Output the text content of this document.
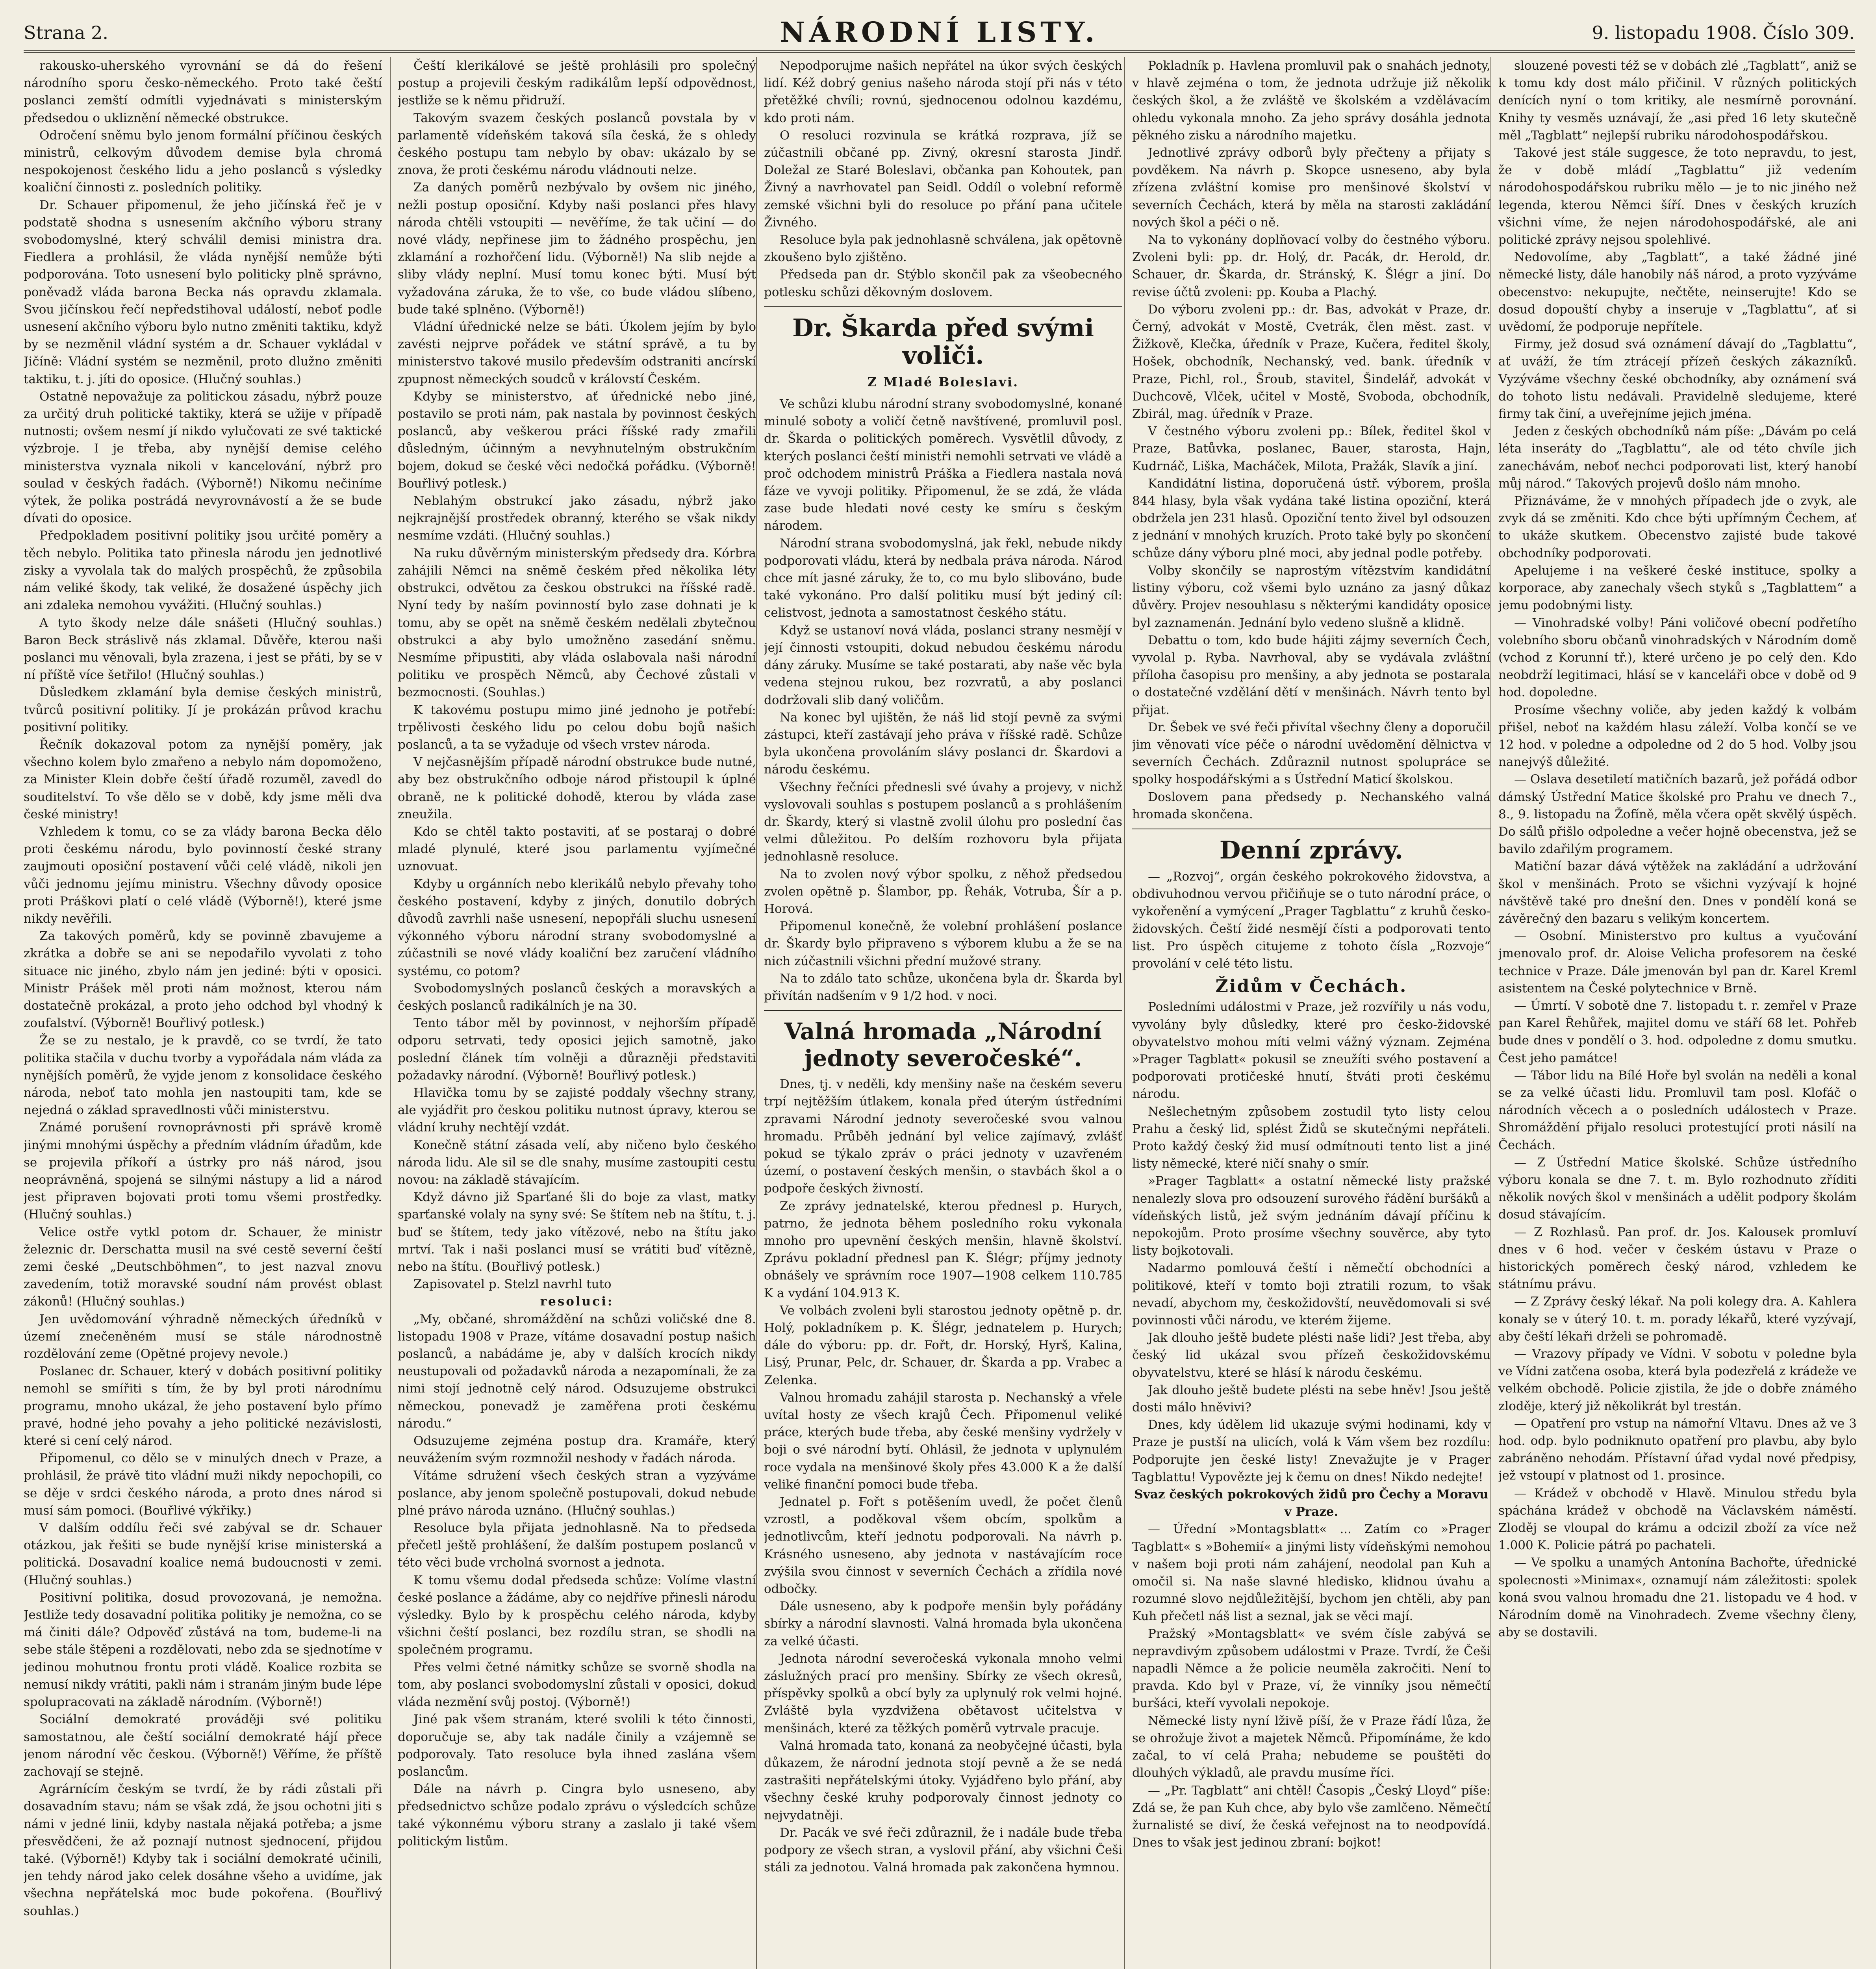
Strana 2.	NÁRODNÍ LISTY.	9. listopadu 1908. Číslo 309.

rakousko-uherského vyrovnání se dá do řešení národního sporu česko-německého. Proto také čeští poslanci zemští odmítli vyjednávati s ministerským předsedou o ukliznění německé obstrukce.

Odročení sněmu bylo jenom formální příčinou českých ministrů, celkovým důvodem demise byla chromá nespokojenost českého lidu a jeho poslanců s výsledky koaliční činnosti z. posledních politiky.

Dr. Schauer připomenul, že jeho jičínská řeč je v podstatě shodna s usnesením akčního výboru strany svobodomyslné, který schválil demisi ministra dra. Fiedlera a prohlásil, že vláda nynější nemůže býti podporována. Toto usnesení bylo politicky plně správno, poněvadž vláda barona Becka nás opravdu zklamala. Svou jičínskou řečí nepředstihoval událostí, neboť podle usnesení akčního výboru bylo nutno změniti taktiku, když by se nezměnil vládní systém a dr. Schauer vykládal v Jičíně: Vládní systém se nezměnil, proto dlužno změniti taktiku, t. j. jíti do oposice. (Hlučný souhlas.)

Ostatně nepovažuje za politickou zásadu, nýbrž pouze za určitý druh politické taktiky, která se užije v případě nutnosti; ovšem nesmí jí nikdo vylučovati ze své taktické výzbroje. I je třeba, aby nynější demise celého ministerstva vyznala nikoli v kancelování, nýbrž pro soulad v českých řadách. (Výborně!) Nikomu nečiníme výtek, že polika postrádá nevyrovnávostí a že se bude dívati do oposice.

Předpokladem positivní politiky jsou určité poměry a těch nebylo. Politika tato přinesla národu jen jednotlivé zisky a vyvolala tak do malých prospěchů, že způsobila nám veliké škody, tak veliké, že dosažené úspěchy jich ani zdaleka nemohou vyvážiti. (Hlučný souhlas.)

A tyto škody nelze dále snášeti (Hlučný souhlas.) Baron Beck stráslivě nás zklamal. Důvěře, kterou naši poslanci mu věnovali, byla zrazena, i jest se přáti, by se v ní příště více šetřilo! (Hlučný souhlas.)

Důsledkem zklamání byla demise českých ministrů, tvůrců positivní politiky. Jí je prokázán průvod krachu positivní politiky.

Řečník dokazoval potom za nynější poměry, jak všechno kolem bylo zmařeno a nebylo nám dopomoženo, za Minister Klein dobře čeští úřadě rozuměl, zavedl do souditelství. To vše dělo se v době, kdy jsme měli dva české ministry!

Vzhledem k tomu, co se za vlády barona Becka dělo proti českému národu, bylo povinností české strany zaujmouti oposiční postavení vůči celé vládě, nikoli jen vůči jednomu jejímu ministru. Všechny důvody oposice proti Práškovi platí o celé vládě (Výborně!), které jsme nikdy nevěřili.

Za takových poměrů, kdy se povinně zbavujeme a zkrátka a dobře se ani se nepodařilo vyvolati z toho situace nic jiného, zbylo nám jen jediné: býti v oposici. Ministr Prášek měl proti nám možnost, kterou nám dostatečně prokázal, a proto jeho odchod byl vhodný k zoufalství. (Výborně! Bouřlivý potlesk.)

Že se zu nestalo, je k pravdě, co se tvrdí, že tato politika stačila v duchu tvorby a vypořádala nám vláda za nynějších poměrů, že vyjde jenom z konsolidace českého národa, neboť tato mohla jen nastoupiti tam, kde se nejedná o základ spravedlnosti vůči ministerstvu.

Známé porušení rovnoprávnosti při správě kromě jinými mnohými úspěchy a předním vládním úřadům, kde se projevila příkoří a ústrky pro náš národ, jsou neoprávněná, spojená se silnými nástupy a lid a národ jest připraven bojovati proti tomu všemi prostředky. (Hlučný souhlas.)

Velice ostře vytkl potom dr. Schauer, že ministr železnic dr. Derschatta musil na své cestě severní čeští zemi české „Deutschböhmen“, to jest nazval znovu zavedením, totiž moravské soudní nám provést oblast zákonů! (Hlučný souhlas.)

Jen uvědomování výhradně německých úředníků v území znečeněném musí se stále národnostně rozdělování zeme (Opětné projevy nevole.)

Poslanec dr. Schauer, který v dobách positivní politiky nemohl se smířiti s tím, že by byl proti národnímu programu, mnoho ukázal, že jeho postavení bylo přímo pravé, hodné jeho povahy a jeho politické nezávislosti, které si cení celý národ.

Připomenul, co dělo se v minulých dnech v Praze, a prohlásil, že právě tito vládní muži nikdy nepochopili, co se děje v srdci českého národa, a proto dnes národ si musí sám pomoci. (Bouřlivé výkřiky.)

V dalším oddílu řeči své zabýval se dr. Schauer otázkou, jak řešiti se bude nynější krise ministerská a politická. Dosavadní koalice nemá budoucnosti v zemi. (Hlučný souhlas.)

Positivní politika, dosud provozovaná, je nemožna. Jestliže tedy dosavadní politika politiky je nemožna, co se má činiti dále? Odpověď zůstává na tom, budeme-li na sebe stále štěpeni a rozdělovati, nebo zda se sjednotíme v jedinou mohutnou frontu proti vládě. Koalice rozbita se nemusí nikdy vrátiti, pakli nám i stranám jiným bude lépe spolupracovati na základě národním. (Výborně!)

Sociální demokraté prováději své politiku samostatnou, ale čeští sociální demokraté hájí přece jenom národní věc českou. (Výborně!) Věříme, že příště zachovají se stejně.

Agrárnícím českým se tvrdí, že by rádi zůstali při dosavadním stavu; nám se však zdá, že jsou ochotni jiti s námi v jedné linii, kdyby nastala nějaká potřeba; a jsme přesvědčeni, že až poznají nutnost sjednocení, přijdou také. (Výborně!) Kdyby tak i sociální demokraté učinili, jen tehdy národ jako celek dosáhne všeho a uvidíme, jak všechna nepřátelská moc bude pokořena. (Bouřlivý souhlas.)

Čeští klerikálové se ještě prohlásili pro společný postup a projevili českým radikálům lepší odpovědnost, jestliže se k němu přidruží.

Takovým svazem českých poslanců povstala by v parlamentě vídeňském taková síla česká, že s ohledy českého postupu tam nebylo by obav: ukázalo by se znova, že proti českému národu vládnouti nelze.

Za daných poměrů nezbývalo by ovšem nic jiného, nežli postup oposiční. Kdyby naši poslanci přes hlavy národa chtěli vstoupiti — nevěříme, že tak učiní — do nové vlády, nepřinese jim to žádného prospěchu, jen zklamání a rozhořčení lidu. (Výborně!) Na slib nejde a sliby vlády neplní. Musí tomu konec býti. Musí být vyžadována záruka, že to vše, co bude vládou slíbeno, bude také splněno. (Výborně!)

Vládní úřednické nelze se báti. Úkolem jejím by bylo zavésti nejprve pořádek ve státní správě, a tu by ministerstvo takové musilo především odstraniti ancírskí zpupnost německých soudců v královstí Českém.

Kdyby se ministerstvo, ať úřednické nebo jiné, postavilo se proti nám, pak nastala by povinnost českých poslanců, aby veškerou práci říšské rady zmařili důsledným, účinným a nevyhnutelným obstrukčním bojem, dokud se české věci nedočká pořádku. (Výborně! Bouřlivý potlesk.)

Neblahým obstrukcí jako zásadu, nýbrž jako nejkrajnější prostředek obranný, kterého se však nikdy nesmíme vzdáti. (Hlučný souhlas.)

Na ruku důvěrným ministerským předsedy dra. Kórbra zahájili Němci na sněmě českém před několika léty obstrukci, odvětou za českou obstrukci na říšské radě. Nyní tedy by naším povinností bylo zase dohnati je k tomu, aby se opět na sněmě českém nedělali zbytečnou obstrukci a aby bylo umožněno zasedání sněmu. Nesmíme připustiti, aby vláda oslabovala naši národní politiku ve prospěch Němců, aby Čechové zůstali v bezmocnosti. (Souhlas.)

K takovému postupu mimo jiné jednoho je potřebí: trpělivosti českého lidu po celou dobu bojů našich poslanců, a ta se vyžaduje od všech vrstev národa.

V nejčasnějším případě národní obstrukce bude nutné, aby bez obstrukčního odboje národ přistoupil k úplné obraně, ne k politické dohodě, kterou by vláda zase zneužila.

Kdo se chtěl takto postaviti, ať se postaraj o dobré mladé plynulé, které jsou parlamentu vyjímečné uznovuat.

Kdyby u orgánních nebo klerikálů nebylo převahy toho českého postavení, kdyby z jiných, donutilo dobrých důvodů zavrhli naše usnesení, nepopřáli sluchu usnesení výkonného výboru národní strany svobodomyslné a zúčastnili se nové vlády koaliční bez zaručení vládního systému, co potom?

Svobodomyslných poslanců českých a moravských a českých poslanců radikálních je na 30.

Tento tábor měl by povinnost, v nejhorším případě odporu setrvati, tedy oposici jejich samotně, jako poslední článek tím volněji a důrazněji představiti požadavky národní. (Výborně! Bouřlivý potlesk.)

Hlavička tomu by se zajisté poddaly všechny strany, ale vyjádřit pro českou politiku nutnost úpravy, kterou se vládní kruhy nechtějí vzdát.

Konečně státní zásada velí, aby ničeno bylo českého národa lidu. Ale sil se dle snahy, musíme zastoupiti cestu novou: na základě stávajícím.

Když dávno již Sparťané šli do boje za vlast, matky sparťanské volaly na syny své: Se štítem neb na štítu, t. j. buď se štítem, tedy jako vítězové, nebo na štítu jako mrtví. Tak i naši poslanci musí se vrátiti buď vítězně, nebo na štítu. (Bouřlivý potlesk.)

Zapisovatel p. Stelzl navrhl tuto

resoluci:

„My, občané, shromáždění na schůzi voličské dne 8. listopadu 1908 v Praze, vítáme dosavadní postup našich poslanců, a nabádáme je, aby v dalších krocích nikdy neustupovali od požadavků národa a nezapomínali, že za nimi stojí jednotně celý národ. Odsuzujeme obstrukci německou, ponevadž je zaměřena proti českému národu.“

Odsuzujeme zejména postup dra. Kramáře, který neuvážením svým rozmnožil neshody v řadách národa.

Vítáme sdružení všech českých stran a vyzýváme poslance, aby jenom společně postupovali, dokud nebude plné právo národa uznáno. (Hlučný souhlas.)

Resoluce byla přijata jednohlasně. Na to předseda přečetl ještě prohlášení, že dalším postupem poslanců v této věci bude vrcholná svornost a jednota.

K tomu všemu dodal předseda schůze: Volíme vlastní české poslance a žádáme, aby co nejdříve přinesli národu výsledky. Bylo by k prospěchu celého národa, kdyby všichni čeští poslanci, bez rozdílu stran, se shodli na společném programu.

Přes velmi četné námitky schůze se svorně shodla na tom, aby poslanci svobodomyslní zůstali v oposici, dokud vláda nezmění svůj postoj. (Výborně!)

Jiné pak všem stranám, které svolili k této činnosti, doporučuje se, aby tak nadále činily a vzájemně se podporovaly. Tato resoluce byla ihned zaslána všem poslancům.

Dále na návrh p. Cingra bylo usneseno, aby předsednictvo schůze podalo zprávu o výsledcích schůze také výkonnému výboru strany a zaslalo ji také všem politickým listům.

Nepodporujme našich nepřátel na úkor svých českých lidí. Kéž dobrý genius našeho národa stojí při nás v této přetěžké chvíli; rovnú, sjednocenou odolnou kazdému, kdo proti nám.

O resoluci rozvinula se krátká rozprava, jíž se zúčastnili občané pp. Zivný, okresní starosta Jindř. Doležal ze Staré Boleslavi, občanka pan Kohoutek, pan Živný a navrhovatel pan Seidl. Oddíl o volební reformě zemské všichni byli do resoluce po přání pana učitele Živného.

Resoluce byla pak jednohlasně schválena, jak opětovně zkoušeno bylo zjištěno.

Předseda pan dr. Stýblo skončil pak za všeobecného potlesku schůzi děkovným doslovem.

Dr. Škarda před svými voliči.
Z Mladé Boleslavi.

Ve schůzi klubu národní strany svobodomyslné, konané minulé soboty a voličí četně navštívené, promluvil posl. dr. Škarda o politických poměrech. Vysvětlil důvody, z kterých poslanci čeští ministři nemohli setrvati ve vládě a proč odchodem ministrů Práška a Fiedlera nastala nová fáze ve vyvoji politiky. Připomenul, že se zdá, že vláda zase bude hledati nové cesty ke smíru s českým národem.

Národní strana svobodomyslná, jak řekl, nebude nikdy podporovati vládu, která by nedbala práva národa. Národ chce mít jasné záruky, že to, co mu bylo slibováno, bude také vykonáno. Pro další politiku musí být jediný cíl: celistvost, jednota a samostatnost českého státu.

Když se ustanoví nová vláda, poslanci strany nesmějí v její činnosti vstoupiti, dokud nebudou českému národu dány záruky. Musíme se také postarati, aby naše věc byla vedena stejnou rukou, bez rozvratů, a aby poslanci dodržovali slib daný voličům.

Na konec byl ujištěn, že náš lid stojí pevně za svými zástupci, kteří zastávají jeho práva v říšské radě. Schůze byla ukončena provoláním slávy poslanci dr. Škardovi a národu českému.

Všechny řečníci přednesli své úvahy a projevy, v nichž vyslovovali souhlas s postupem poslanců a s prohlášením dr. Škardy, který si vlastně zvolil úlohu pro poslední čas velmi důležitou. Po delším rozhovoru byla přijata jednohlasně resoluce.

Na to zvolen nový výbor spolku, z něhož předsedou zvolen opětně p. Šlambor, pp. Řehák, Votruba, Šír a p. Horová.

Připomenul konečně, že volební prohlášení poslance dr. Škardy bylo připraveno s výborem klubu a že se na nich zúčastnili všichni přední mužové strany.

Na to zdálo tato schůze, ukončena byla dr. Škarda byl přivítán nadšením v 9 1/2 hod. v noci.

Valná hromada „Národní jednoty severočeské“.

Dnes, tj. v neděli, kdy menšiny naše na českém severu trpí nejtěžším útlakem, konala před úterým ústředními zpravami Národní jednoty severočeské svou valnou hromadu. Průběh jednání byl velice zajímavý, zvlášť pokud se týkalo zpráv o práci jednoty v uzavřeném území, o postavení českých menšin, o stavbách škol a o podpoře českých živností.

Ze zprávy jednatelské, kterou přednesl p. Hurych, patrno, že jednota během posledního roku vykonala mnoho pro upevnění českých menšin, hlavně školství. Zprávu pokladní přednesl pan K. Šlégr; příjmy jednoty obnášely ve správním roce 1907—1908 celkem 110.785 K a vydání 104.913 K.

Ve volbách zvoleni byli starostou jednoty opětně p. dr. Holý, pokladníkem p. K. Šlégr, jednatelem p. Hurych; dále do výboru: pp. dr. Fořt, dr. Horský, Hyrš, Kalina, Lisý, Prunar, Pelc, dr. Schauer, dr. Škarda a pp. Vrabec a Zelenka.

Valnou hromadu zahájil starosta p. Nechanský a vřele uvítal hosty ze všech krajů Čech. Připomenul veliké práce, kterých bude třeba, aby české menšiny vydržely v boji o své národní bytí. Ohlásil, že jednota v uplynulém roce vydala na menšinové školy přes 43.000 K a že další veliké finanční pomoci bude třeba.

Jednatel p. Fořt s potěšením uvedl, že počet členů vzrostl, a poděkoval všem obcím, spolkům a jednotlivcům, kteří jednotu podporovali. Na návrh p. Krásného usneseno, aby jednota v nastávajícím roce zvýšila svou činnost v severních Čechách a zřídila nové odbočky.

Dále usneseno, aby k podpoře menšin byly pořádány sbírky a národní slavnosti. Valná hromada byla ukončena za velké účasti.

Jednota národní severočeská vykonala mnoho velmi záslužných prací pro menšiny. Sbírky ze všech okresů, příspěvky spolků a obcí byly za uplynulý rok velmi hojné. Zvláště byla vyzdvižena obětavost učitelstva v menšinách, které za těžkých poměrů vytrvale pracuje.

Valná hromada tato, konaná za neobyčejné účasti, byla důkazem, že národní jednota stojí pevně a že se nedá zastrašiti nepřátelskými útoky. Vyjádřeno bylo přání, aby všechny české kruhy podporovaly činnost jednoty co nejvydatněji.

Dr. Pacák ve své řeči zdůraznil, že i nadále bude třeba podpory ze všech stran, a vyslovil přání, aby všichni Češi stáli za jednotou. Valná hromada pak zakončena hymnou.

Pokladník p. Havlena promluvil pak o snahách jednoty, v hlavě zejména o tom, že jednota udržuje již několik českých škol, a že zvláště ve školském a vzdělávacím ohledu vykonala mnoho. Za jeho správy dosáhla jednota pěkného zisku a národního majetku.

Jednotlivé zprávy odborů byly přečteny a přijaty s povděkem. Na návrh p. Skopce usneseno, aby byla zřízena zvláštní komise pro menšinové školství v severních Čechách, která by měla na starosti zakládání nových škol a péči o ně.

Na to vykonány doplňovací volby do čestného výboru. Zvoleni byli: pp. dr. Holý, dr. Pacák, dr. Herold, dr. Schauer, dr. Škarda, dr. Stránský, K. Šlégr a jiní. Do revise účtů zvoleni: pp. Kouba a Plachý.

Do výboru zvoleni pp.: dr. Bas, advokát v Praze, dr. Černý, advokát v Mostě, Cvetrák, člen měst. zast. v Žižkově, Klečka, úředník v Praze, Kučera, ředitel školy, Hošek, obchodník, Nechanský, ved. bank. úředník v Praze, Pichl, rol., Šroub, stavitel, Šindelář, advokát v Duchcově, Vlček, učitel v Mostě, Svoboda, obchodník, Zbirál, mag. úředník v Praze.

V čestného výboru zvoleni pp.: Bílek, ředitel škol v Praze, Batůvka, poslanec, Bauer, starosta, Hajn, Kudrnáč, Liška, Macháček, Milota, Pražák, Slavík a jiní.

Kandidátní listina, doporučená ústř. výborem, prošla 844 hlasy, byla však vydána také listina opoziční, která obdržela jen 231 hlasů. Opoziční tento živel byl odsouzen z jednání v mnohých kruzích. Proto také byly po skončení schůze dány výboru plné moci, aby jednal podle potřeby.

Volby skončily se naprostým vítězstvím kandidátní listiny výboru, což všemi bylo uznáno za jasný důkaz důvěry. Projev nesouhlasu s některými kandidáty oposice byl zaznamenán. Jednání bylo vedeno slušně a klidně.

Debattu o tom, kdo bude hájiti zájmy severních Čech, vyvolal p. Ryba. Navrhoval, aby se vydávala zvláštní příloha časopisu pro menšiny, a aby jednota se postarala o dostatečné vzdělání dětí v menšinách. Návrh tento byl přijat.

Dr. Šebek ve své řeči přivítal všechny členy a doporučil jim věnovati více péče o národní uvědomění dělnictva v severních Čechách. Zdůraznil nutnost spolupráce se spolky hospodářskými a s Ústřední Maticí školskou.

Doslovem pana předsedy p. Nechanského valná hromada skončena.

Denní zprávy.

— „Rozvoj“, orgán českého pokrokového židovstva, a obdivuhodnou vervou přičiňuje se o tuto národní práce, o vykořenění a vymýcení „Prager Tagblattu“ z kruhů česko-židovských. Čeští židé nesmějí čísti a podporovati tento list. Pro úspěch citujeme z tohoto čísla „Rozvoje“ provolání v celé této listu.

Židům v Čechách.

Posledními událostmi v Praze, jež rozvířily u nás vodu, vyvolány byly důsledky, které pro česko-židovské obyvatelstvo mohou míti velmi vážný význam. Zejména »Prager Tagblatt« pokusil se zneužíti svého postavení a podporovati protičeské hnutí, štváti proti českému národu.

Nešlechetným způsobem zostudil tyto listy celou Prahu a český lid, splést Židů se skutečnými nepřáteli. Proto každý český žid musí odmítnouti tento list a jiné listy německé, které ničí snahy o smír.

»Prager Tagblatt« a ostatní německé listy pražské nenalezly slova pro odsouzení surového řádění buršáků a vídeňských listů, jež svým jednáním dávají příčinu k nepokojům. Proto prosíme všechny souvěrce, aby tyto listy bojkotovali.

Nadarmo pomlouvá čeští i němečtí obchodníci a politikové, kteří v tomto boji ztratili rozum, to však nevadí, abychom my, českožidovští, neuvědomovali si své povinnosti vůči národu, ve kterém žijeme.

Jak dlouho ještě budete plésti naše lidi? Jest třeba, aby český lid ukázal svou přízeň českožidovskému obyvatelstvu, které se hlásí k národu českému.

Jak dlouho ještě budete plésti na sebe hněv! Jsou ještě dosti málo hněvivi?

Dnes, kdy údělem lid ukazuje svými hodinami, kdy v Praze je pustší na ulicích, volá k Vám všem bez rozdílu: Podporujte jen české listy! Znevažujte je v Prager Tagblattu! Vypovězte jej k čemu on dnes! Nikdo nedejte!

Svaz českých pokrokových židů pro Čechy a Moravu v Praze.

— Úřední »Montagsblatt« ... Zatím co »Prager Tagblatt« s »Bohemií« a jinými listy vídeňskými nemohou v našem boji proti nám zahájení, neodolal pan Kuh a omočil si. Na naše slavné hledisko, klidnou úvahu a rozumné slovo nejdůležitější, bychom jen chtěli, aby pan Kuh přečetl náš list a seznal, jak se věci mají.

Pražský »Montagsblatt« ve svém čísle zabývá se nepravdivým způsobem událostmi v Praze. Tvrdí, že Češi napadli Němce a že policie neuměla zakročiti. Není to pravda. Kdo byl v Praze, ví, že vinníky jsou němečtí buršáci, kteří vyvolali nepokoje.

Německé listy nyní lživě píší, že v Praze řádí lůza, že se ohrožuje život a majetek Němců. Připomínáme, že kdo začal, to ví celá Praha; nebudeme se pouštěti do dlouhých výkladů, ale pravdu musíme říci.

— „Pr. Tagblatt“ ani chtěl! Časopis „Český Lloyd“ píše: Zdá se, že pan Kuh chce, aby bylo vše zamlčeno. Němečtí žurnalisté se diví, že česká veřejnost na to neodpovídá. Dnes to však jest jedinou zbraní: bojkot!

slouzené povesti též se v dobách zlé „Tagblatt“, aniž se k tomu kdy dost málo přičinil. V různých politických denících nyní o tom kritiky, ale nesmírně porovnání. Knihy ty vesměs uznávají, že „asi před 16 lety skutečně měl „Tagblatt“ nejlepší rubriku národohospodářskou.

Takové jest stále suggesce, že toto nepravdu, to jest, že v době mládí „Tagblattu“ již vedením národohospodářskou rubriku mělo — je to nic jiného než legenda, kterou Němci šíří. Dnes v českých kruzích všichni víme, že nejen národohospodářské, ale ani politické zprávy nejsou spolehlivé.

Nedovolíme, aby „Tagblatt“, a také žádné jiné německé listy, dále hanobily náš národ, a proto vyzýváme obecenstvo: nekupujte, nečtěte, neinserujte! Kdo se dosud dopouští chyby a inseruje v „Tagblattu“, ať si uvědomí, že podporuje nepřítele.

Firmy, jež dosud svá oznámení dávají do „Tagblattu“, ať uváží, že tím ztrácejí přízeň českých zákazníků. Vyzýváme všechny české obchodníky, aby oznámení svá do tohoto listu nedávali. Pravidelně sledujeme, které firmy tak činí, a uveřejníme jejich jména.

Jeden z českých obchodníků nám píše: „Dávám po celá léta inseráty do „Tagblattu“, ale od této chvíle jich zanechávám, neboť nechci podporovati list, který hanobí můj národ.“ Takových projevů došlo nám mnoho.

Přiznáváme, že v mnohých případech jde o zvyk, ale zvyk dá se změniti. Kdo chce býti upřímným Čechem, ať to ukáže skutkem. Obecenstvo zajisté bude takové obchodníky podporovati.

Apelujeme i na veškeré české instituce, spolky a korporace, aby zanechaly všech styků s „Tagblattem“ a jemu podobnými listy.

— Vinohradské volby! Páni voličové obecní podřetího volebního sboru občanů vinohradských v Národním domě (vchod z Korunní tř.), které určeno je po celý den. Kdo neobdrží legitimaci, hlásí se v kanceláři obce v době od 9 hod. dopoledne.

Prosíme všechny voliče, aby jeden každý k volbám přišel, neboť na každém hlasu záleží. Volba končí se ve 12 hod. v poledne a odpoledne od 2 do 5 hod. Volby jsou nanejvýš důležité.

— Oslava desetiletí matičních bazarů, jež pořádá odbor dámský Ústřední Matice školské pro Prahu ve dnech 7., 8., 9. listopadu na Žofíně, měla včera opět skvělý úspěch. Do sálů přišlo odpoledne a večer hojně obecenstva, jež se bavilo zdařilým programem.

Matiční bazar dává výtěžek na zakládání a udržování škol v menšinách. Proto se všichni vyzývají k hojné návštěvě také pro dnešní den. Dnes v pondělí koná se závěrečný den bazaru s velikým koncertem.

— Osobní. Ministerstvo pro kultus a vyučování jmenovalo prof. dr. Aloise Velicha profesorem na české technice v Praze. Dále jmenován byl pan dr. Karel Kreml asistentem na České polytechnice v Brně.

— Úmrtí. V sobotě dne 7. listopadu t. r. zemřel v Praze pan Karel Řehůřek, majitel domu ve stáří 68 let. Pohřeb bude dnes v pondělí o 3. hod. odpoledne z domu smutku. Čest jeho památce!

— Tábor lidu na Bílé Hoře byl svolán na neděli a konal se za velké účasti lidu. Promluvil tam posl. Klofáč o národních věcech a o posledních událostech v Praze. Shromáždění přijalo resoluci protestující proti násilí na Čechách.

— Z Ústřední Matice školské. Schůze ústředního výboru konala se dne 7. t. m. Bylo rozhodnuto zříditi několik nových škol v menšinách a udělit podpory školám dosud stávajícím.

— Z Rozhlasů. Pan prof. dr. Jos. Kalousek promluví dnes v 6 hod. večer v českém ústavu v Praze o historických poměrech český národ, vzhledem ke státnímu právu.

— Z Zprávy český lékař. Na poli kolegy dra. A. Kahlera konaly se v úterý 10. t. m. porady lékařů, které vyzývají, aby čeští lékaři drželi se pohromadě.

— Vrazovy případy ve Vídni. V sobotu v poledne byla ve Vídni zatčena osoba, která byla podezřelá z krádeže ve velkém obchodě. Policie zjistila, že jde o dobře známého zloděje, který již několikrát byl trestán.

— Opatření pro vstup na námořní Vltavu. Dnes až ve 3 hod. odp. bylo podniknuto opatření pro plavbu, aby bylo zabráněno nehodám. Přístavní úřad vydal nové předpisy, jež vstoupí v platnost od 1. prosince.

— Krádež v obchodě v Hlavě. Minulou středu byla spáchána krádež v obchodě na Václavském náměstí. Zloděj se vloupal do krámu a odcizil zboží za více než 1.000 K. Policie pátrá po pachateli.

— Ve spolku a unamých Antonína Bachořte, úřednické spolecnosti »Minimax«, oznamují nám záležitosti: spolek koná svou valnou hromadu dne 21. listopadu ve 4 hod. v Národním domě na Vinohradech. Zveme všechny členy, aby se dostavili.
